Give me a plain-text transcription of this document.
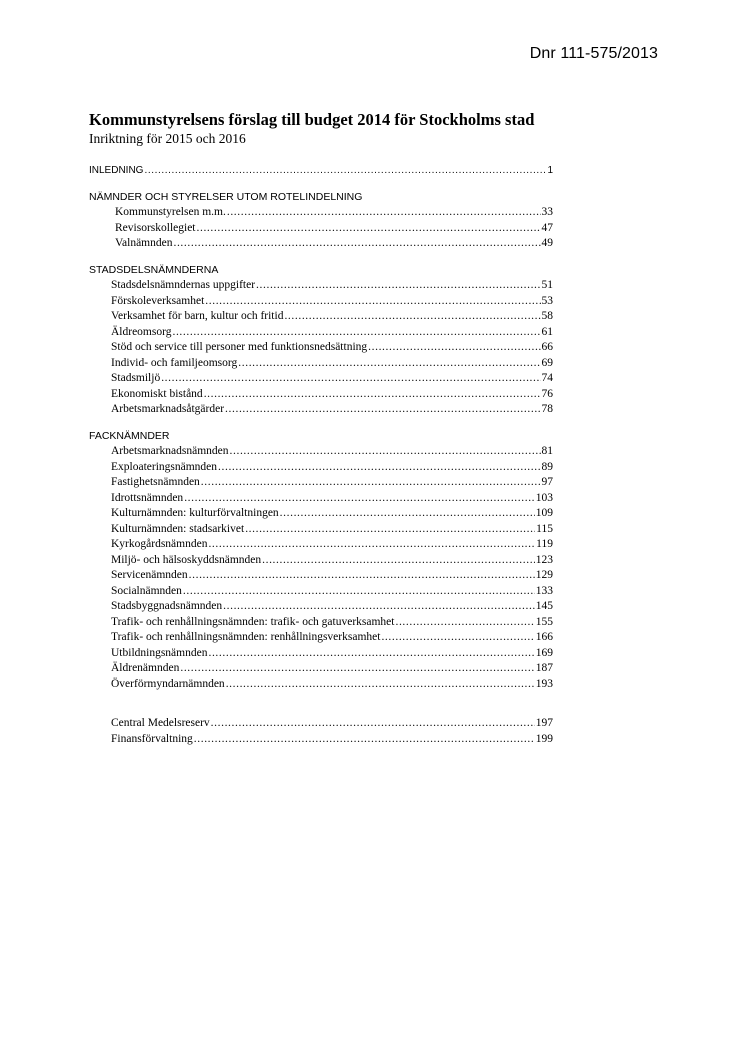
Dnr 111-575/2013
Kommunstyrelsens förslag till budget 2014 för Stockholms stad
Inriktning för 2015 och 2016
INLEDNING .....	1
NÄMNDER OCH STYRELSER UTOM ROTELINDELNING
Kommunstyrelsen m.m. .....	33
Revisorskollegiet .....	47
Valnämnden .....	49
STADSDELSNÄMNDERNA
Stadsdelsnämndernas uppgifter .....	51
Förskoleverksamhet .....	53
Verksamhet för barn, kultur och fritid .....	58
Äldreomsorg .....	61
Stöd och service till personer med funktionsnedsättning .....	66
Individ- och familjeomsorg .....	69
Stadsmiljö .....	74
Ekonomiskt bistånd .....	76
Arbetsmarknadsåtgärder .....	78
FACKNÄMNDER
Arbetsmarknadsnämnden .....	81
Exploateringsnämnden .....	89
Fastighetsnämnden .....	97
Idrottsnämnden .....	103
Kulturnämnden: kulturförvaltningen .....	109
Kulturnämnden: stadsarkivet .....	115
Kyrkogårdsnämnden .....	119
Miljö- och hälsoskyddsnämnden .....	123
Servicenämnden .....	129
Socialnämnden .....	133
Stadsbyggnadsnämnden .....	145
Trafik- och renhållningsnämnden: trafik- och gatuverksamhet .....	155
Trafik- och renhållningsnämnden: renhållningsverksamhet .....	166
Utbildningsnämnden .....	169
Äldrenämnden .....	187
Överförmyndarnämnden .....	193
Central Medelsreserv .....	197
Finansförvaltning .....	199
